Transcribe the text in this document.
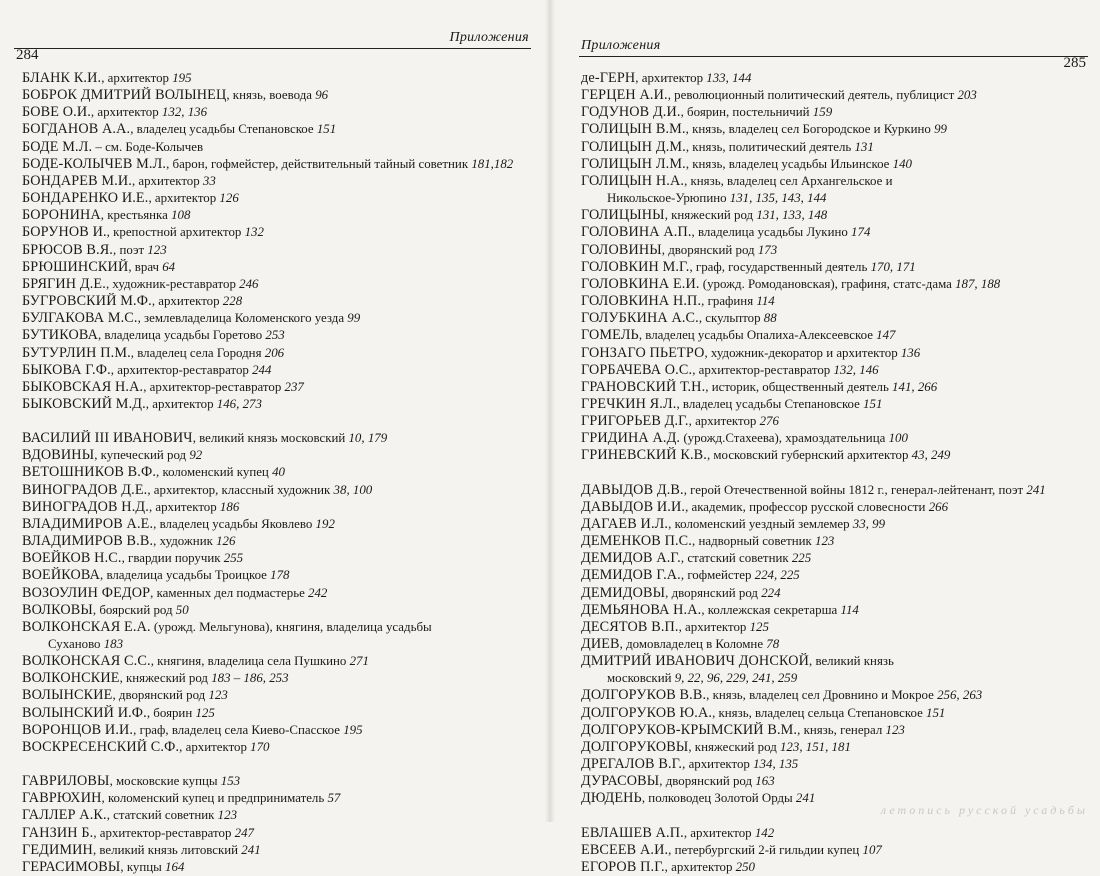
Приложения
284
БЛАНК К.И., архитектор 195
БОБРОК ДМИТРИЙ ВОЛЫНЕЦ, князь, воевода 96
БОВЕ О.И., архитектор 132, 136
БОГДАНОВ А.А., владелец усадьбы Степановское 151
БОДЕ М.Л. – см. Боде-Колычев
БОДЕ-КОЛЫЧЕВ М.Л., барон, гофмейстер, действительный тайный советник 181,182
БОНДАРЕВ М.И., архитектор 33
БОНДАРЕНКО И.Е., архитектор 126
БОРОНИНА, крестьянка 108
БОРУНОВ И., крепостной архитектор 132
БРЮСОВ В.Я., поэт 123
БРЮШИНСКИЙ, врач 64
БРЯГИН Д.Е., художник-реставратор 246
БУГРОВСКИЙ М.Ф., архитектор 228
БУЛГАКОВА М.С., землевладелица Коломенского уезда 99
БУТИКОВА, владелица усадьбы Горетово 253
БУТУРЛИН П.М., владелец села Городня 206
БЫКОВА Г.Ф., архитектор-реставратор 244
БЫКОВСКАЯ Н.А., архитектор-реставратор 237
БЫКОВСКИЙ М.Д., архитектор 146, 273
ВАСИЛИЙ III ИВАНОВИЧ, великий князь московский 10, 179
ВДОВИНЫ, купеческий род 92
ВЕТОШНИКОВ В.Ф., коломенский купец 40
ВИНОГРАДОВ Д.Е., архитектор, классный художник 38, 100
ВИНОГРАДОВ Н.Д., архитектор 186
ВЛАДИМИРОВ А.Е., владелец усадьбы Яковлево 192
ВЛАДИМИРОВ В.В., художник 126
ВОЕЙКОВ Н.С., гвардии поручик 255
ВОЕЙКОВА, владелица усадьбы Троицкое 178
ВОЗОУЛИН ФЕДОР, каменных дел подмастерье 242
ВОЛКОВЫ, боярский род 50
ВОЛКОНСКАЯ Е.А. (урожд. Мельгунова), княгиня, владелица усадьбы
Суханово 183
ВОЛКОНСКАЯ С.С., княгиня, владелица села Пушкино 271
ВОЛКОНСКИЕ, княжеский род 183 – 186, 253
ВОЛЫНСКИЕ, дворянский род 123
ВОЛЫНСКИЙ И.Ф., боярин 125
ВОРОНЦОВ И.И., граф, владелец села Киево-Спасское 195
ВОСКРЕСЕНСКИЙ С.Ф., архитектор 170
ГАВРИЛОВЫ, московские купцы 153
ГАВРЮХИН, коломенский купец и предприниматель 57
ГАЛЛЕР А.К., статский советник 123
ГАНЗИН Б., архитектор-реставратор 247
ГЕДИМИН, великий князь литовский 241
ГЕРАСИМОВЫ, купцы 164
Приложения
285
де-ГЕРН, архитектор 133, 144
ГЕРЦЕН А.И., революционный политический деятель, публицист 203
ГОДУНОВ Д.И., боярин, постельничий 159
ГОЛИЦЫН В.М., князь, владелец сел Богородское и Куркино 99
ГОЛИЦЫН Д.М., князь, политический деятель 131
ГОЛИЦЫН Л.М., князь, владелец усадьбы Ильинское 140
ГОЛИЦЫН Н.А., князь, владелец сел Архангельское и
Никольское-Урюпино 131, 135, 143, 144
ГОЛИЦЫНЫ, княжеский род 131, 133, 148
ГОЛОВИНА А.П., владелица усадьбы Лукино 174
ГОЛОВИНЫ, дворянский род 173
ГОЛОВКИН М.Г., граф, государственный деятель 170, 171
ГОЛОВКИНА Е.И. (урожд. Ромодановская), графиня, статс-дама 187, 188
ГОЛОВКИНА Н.П., графиня 114
ГОЛУБКИНА А.С., скульптор 88
ГОМЕЛЬ, владелец усадьбы Опалиха-Алексеевское 147
ГОНЗАГО ПЬЕТРО, художник-декоратор и архитектор 136
ГОРБАЧЕВА О.С., архитектор-реставратор 132, 146
ГРАНОВСКИЙ Т.Н., историк, общественный деятель 141, 266
ГРЕЧКИН Я.Л., владелец усадьбы Степановское 151
ГРИГОРЬЕВ Д.Г., архитектор 276
ГРИДИНА А.Д. (урожд.Стахеева), храмоздательница 100
ГРИНЕВСКИЙ К.В., московский губернский архитектор 43, 249
ДАВЫДОВ Д.В., герой Отечественной войны 1812 г., генерал-лейтенант, поэт 241
ДАВЫДОВ И.И., академик, профессор русской словесности 266
ДАГАЕВ И.Л., коломенский уездный землемер 33, 99
ДЕМЕНКОВ П.С., надворный советник 123
ДЕМИДОВ А.Г., статский советник 225
ДЕМИДОВ Г.А., гофмейстер 224, 225
ДЕМИДОВЫ, дворянский род 224
ДЕМЬЯНОВА Н.А., коллежская секретарша 114
ДЕСЯТОВ В.П., архитектор 125
ДИЕВ, домовладелец в Коломне 78
ДМИТРИЙ ИВАНОВИЧ ДОНСКОЙ, великий князь
московский 9, 22, 96, 229, 241, 259
ДОЛГОРУКОВ В.В., князь, владелец сел Дровнино и Мокрое 256, 263
ДОЛГОРУКОВ Ю.А., князь, владелец сельца Степановское 151
ДОЛГОРУКОВ-КРЫМСКИЙ В.М., князь, генерал 123
ДОЛГОРУКОВЫ, княжеский род 123, 151, 181
ДРЕГАЛОВ В.Г., архитектор 134, 135
ДУРАСОВЫ, дворянский род 163
ДЮДЕНЬ, полководец Золотой Орды 241
ЕВЛАШЕВ А.П., архитектор 142
ЕВСЕЕВ А.И., петербургский 2-й гильдии купец 107
ЕГОРОВ П.Г., архитектор 250
летопись русской усадьбы
